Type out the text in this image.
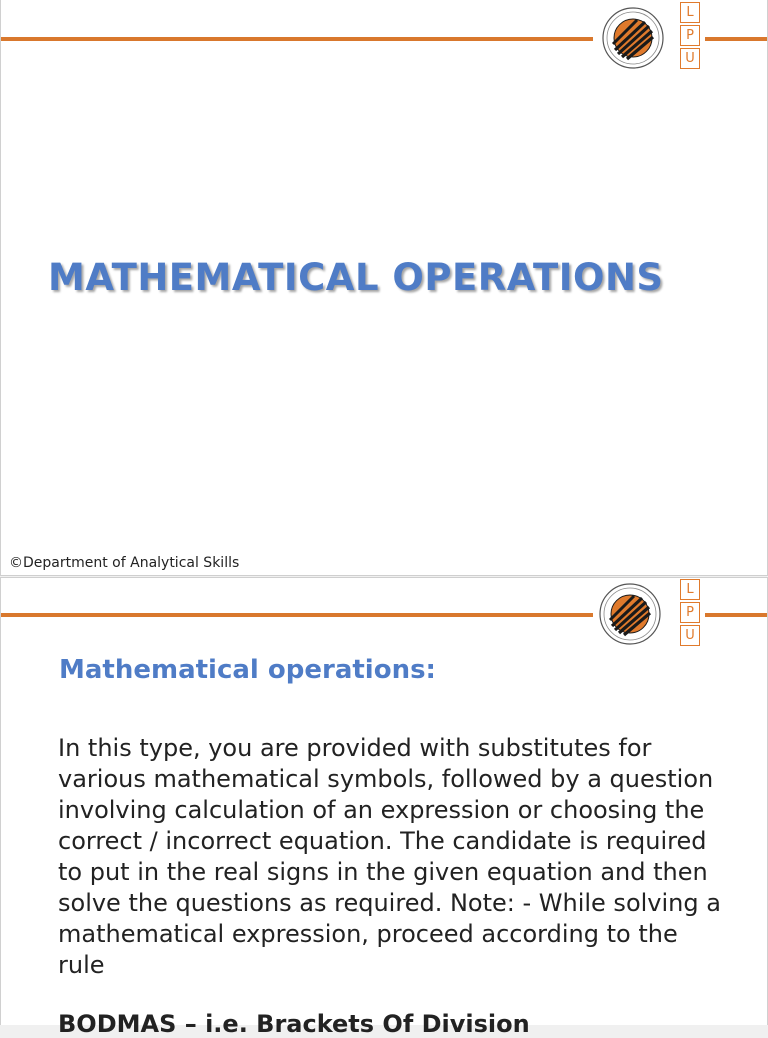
L
P
U
MATHEMATICAL OPERATIONS
©Department of Analytical Skills
L
P
U
Mathematical operations:

In this type, you are provided with substitutes for various mathematical symbols, followed by a question involving calculation of an expression or choosing the correct / incorrect equation. The candidate is required to put in the real signs in the given equation and then solve the questions as required. Note: - While solving a mathematical expression, proceed according to the rule

BODMAS – i.e. Brackets Of Division
